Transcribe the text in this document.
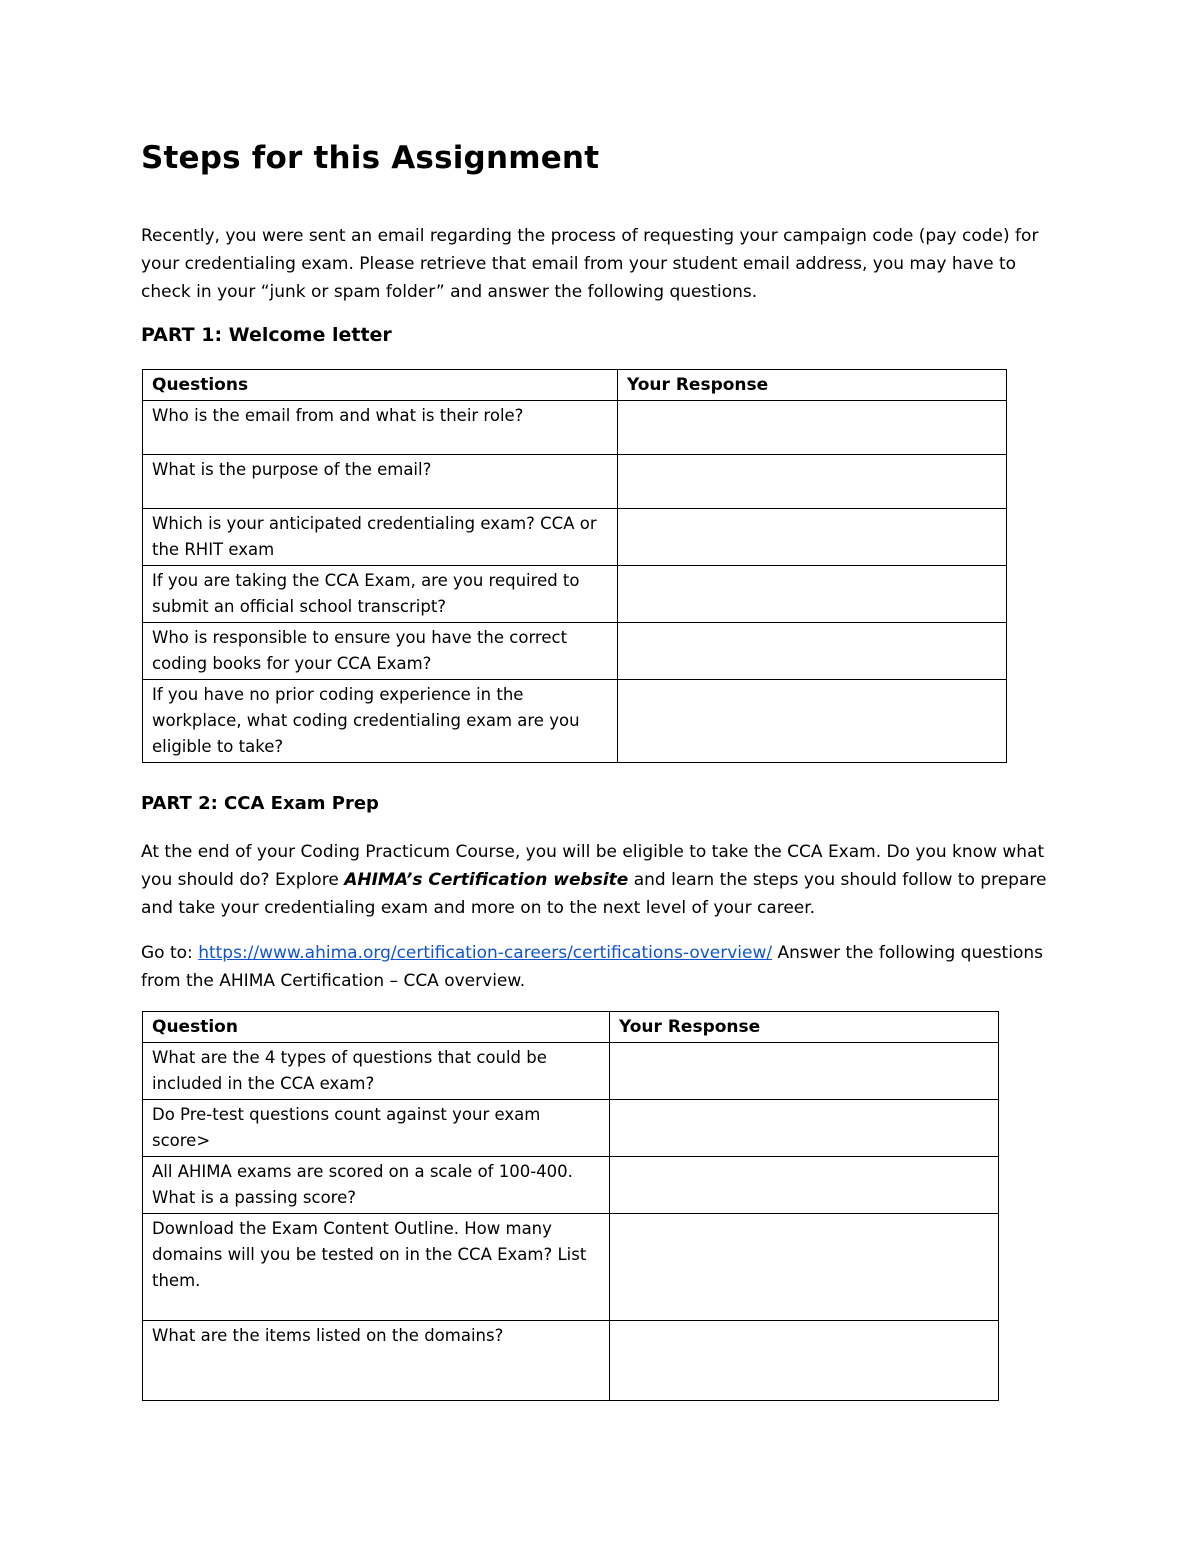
Steps for this Assignment
Recently, you were sent an email regarding the process of requesting your campaign code (pay code) for your credentialing exam. Please retrieve that email from your student email address, you may have to check in your “junk or spam folder” and answer the following questions.
PART 1: Welcome letter
Questions	Your Response
Who is the email from and what is their role?	
What is the purpose of the email?	
Which is your anticipated credentialing exam? CCA or the RHIT exam	
If you are taking the CCA Exam, are you required to submit an official school transcript?	
Who is responsible to ensure you have the correct coding books for your CCA Exam?	
If you have no prior coding experience in the workplace, what coding credentialing exam are you eligible to take?	
PART 2: CCA Exam Prep
At the end of your Coding Practicum Course, you will be eligible to take the CCA Exam. Do you know what you should do? Explore AHIMA’s Certification website and learn the steps you should follow to prepare and take your credentialing exam and more on to the next level of your career.
Go to: https://www.ahima.org/certification-careers/certifications-overview/ Answer the following questions from the AHIMA Certification – CCA overview.
Question	Your Response
What are the 4 types of questions that could be included in the CCA exam?	
Do Pre-test questions count against your exam score>	
All AHIMA exams are scored on a scale of 100-400. What is a passing score?	
Download the Exam Content Outline. How many domains will you be tested on in the CCA Exam? List them.	
What are the items listed on the domains?	
